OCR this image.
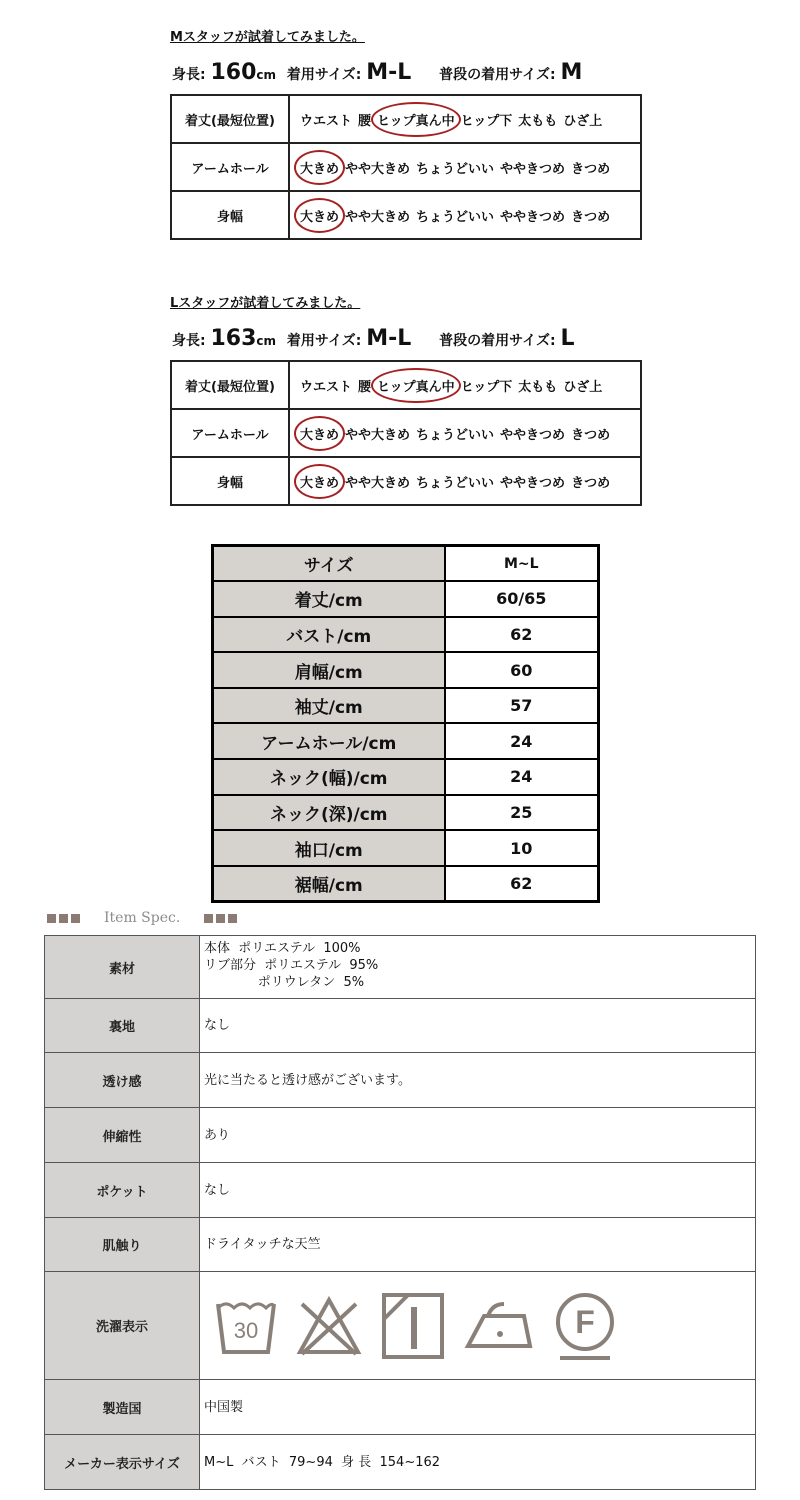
Mスタッフが試着してみました。
身長: 160cm 着用サイズ: M-L 普段の着用サイズ: M
着丈(最短位置)	ウエスト 腰 ヒップ真ん中 ヒップ下 太もも ひざ上
アームホール	大きめ やや大きめ ちょうどいい ややきつめ きつめ
身幅	大きめ やや大きめ ちょうどいい ややきつめ きつめ
Lスタッフが試着してみました。
身長: 163cm 着用サイズ: M-L 普段の着用サイズ: L
着丈(最短位置)	ウエスト 腰 ヒップ真ん中 ヒップ下 太もも ひざ上
アームホール	大きめ やや大きめ ちょうどいい ややきつめ きつめ
身幅	大きめ やや大きめ ちょうどいい ややきつめ きつめ
サイズ	M~L
着丈/cm	60/65
バスト/cm	62
肩幅/cm	60
袖丈/cm	57
アームホール/cm	24
ネック(幅)/cm	24
ネック(深)/cm	25
袖口/cm	10
裾幅/cm	62
Item Spec.
素材	本体  ポリエステル  100%
リブ部分  ポリエステル  95%
ポリウレタン  5%

裏地	なし

透け感	光に当たると透け感がございます。

伸縮性	あり

ポケット	なし

肌触り	ドライタッチな天竺

洗濯表示	30 F

製造国	中国製

メーカー表示サイズ	M~L  バスト  79~94  身 長  154~162
